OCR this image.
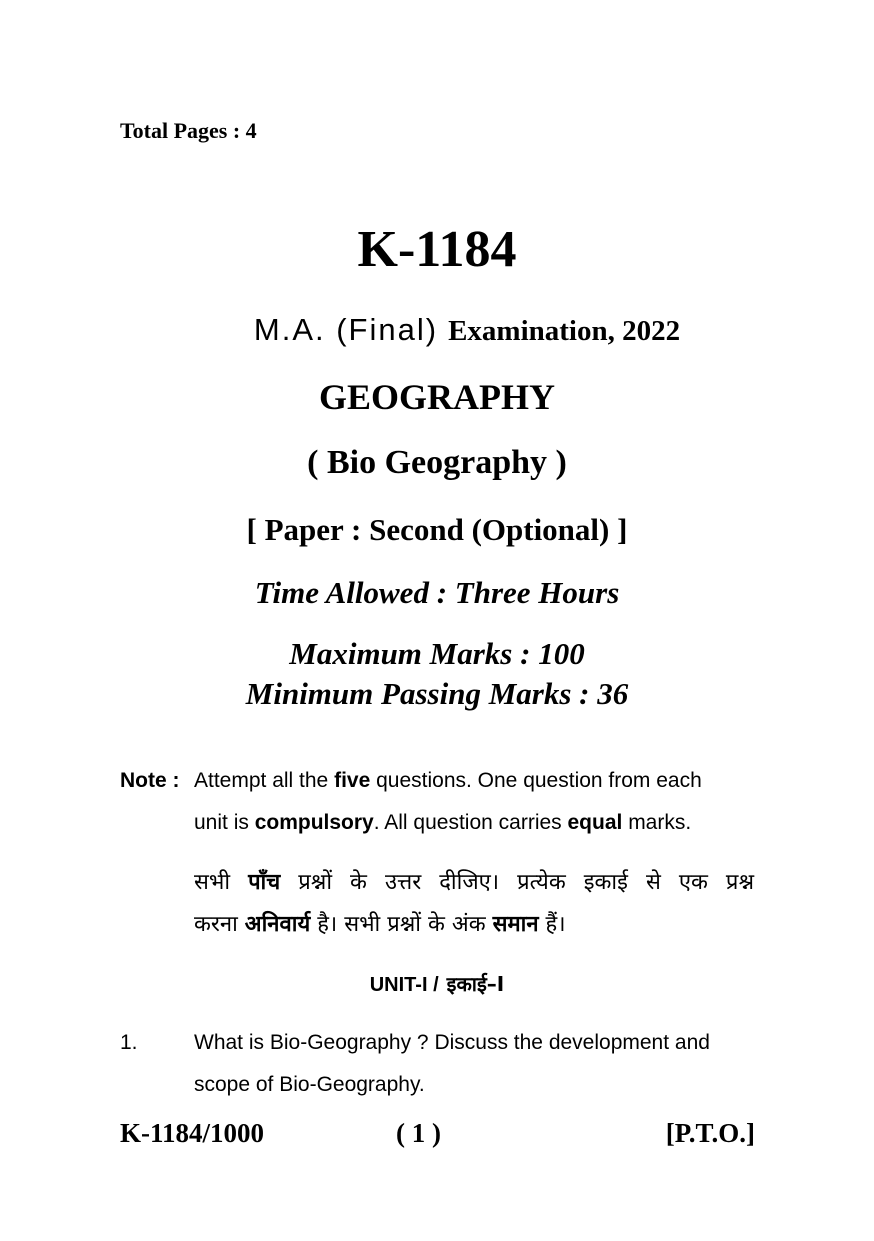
Total Pages : 4
K-1184
M.A. (Final) Examination, 2022
GEOGRAPHY
( Bio Geography )
[ Paper : Second (Optional) ]
Time Allowed : Three Hours
Maximum Marks : 100
Minimum Passing Marks : 36
Note : Attempt all the five questions. One question from each
unit is compulsory. All question carries equal marks.
सभी पाँच प्रश्नों के उत्तर दीजिए। प्रत्येक इकाई से एक प्रश्न
करना अनिवार्य है। सभी प्रश्नों के अंक समान हैं।
UNIT-I / इकाई–I
1.	What is Bio-Geography ? Discuss the development and
scope of Bio-Geography.
K-1184/1000	( 1 )	[P.T.O.]
